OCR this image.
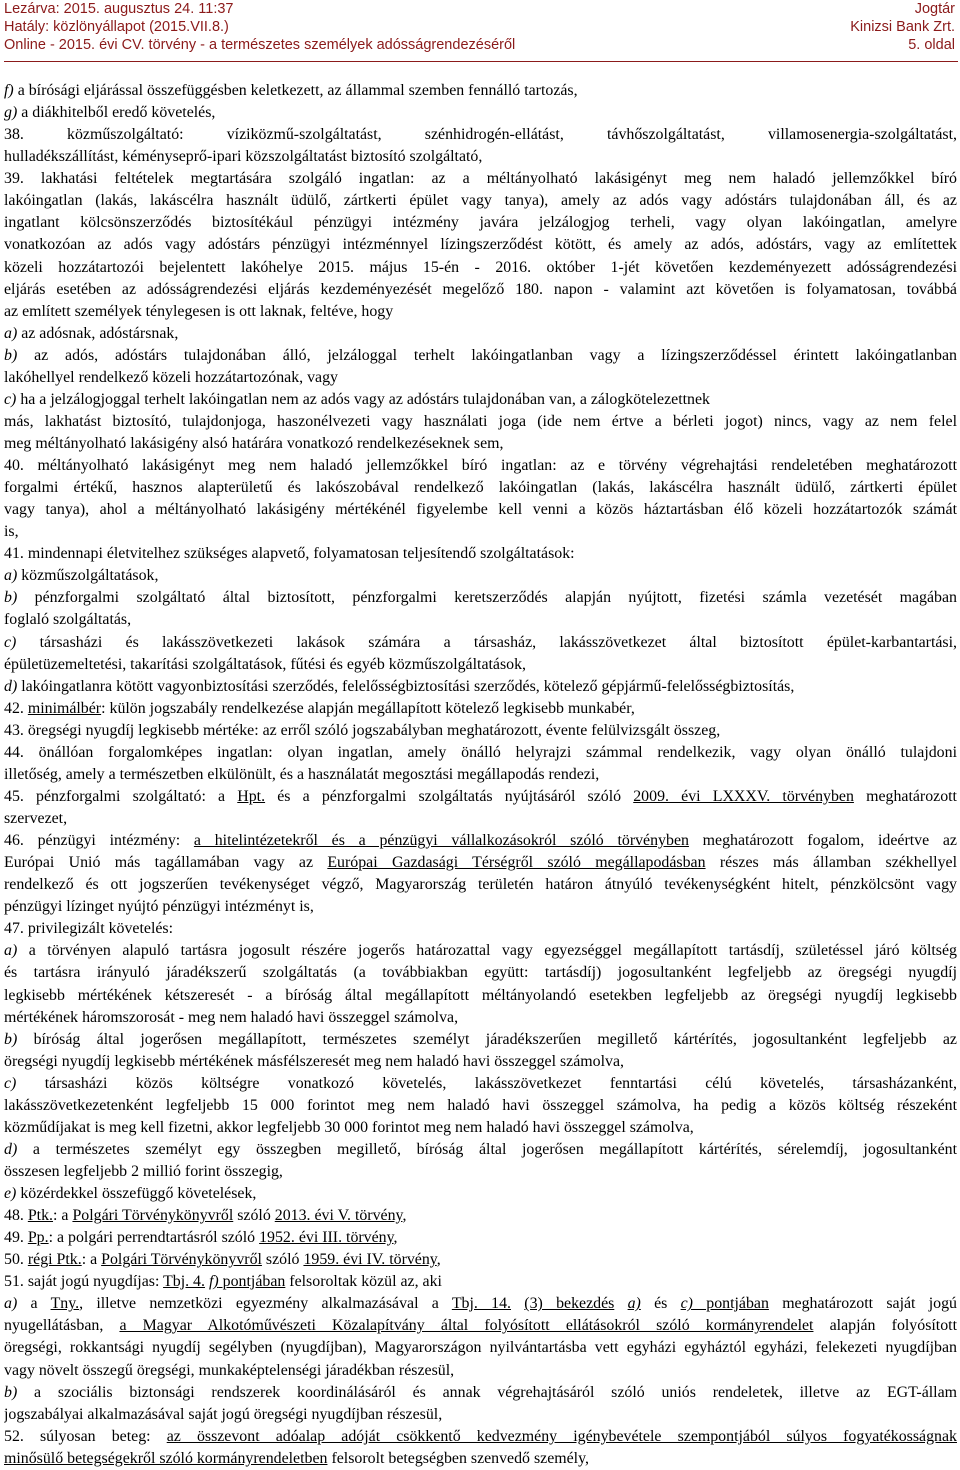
Lezárva: 2015. augusztus 24. 11:37
Hatály: közlönyállapot (2015.VII.8.)
Online - 2015. évi CV. törvény - a természetes személyek adósságrendezéséről
Jogtár
Kinizsi Bank Zrt.
5. oldal
f) a bírósági eljárással összefüggésben keletkezett, az állammal szemben fennálló tartozás,
g) a diákhitelből eredő követelés,
38. közműszolgáltató: víziközmű-szolgáltatást, szénhidrogén-ellátást, távhőszolgáltatást, villamosenergia-szolgáltatást,
hulladékszállítást, kéményseprő-ipari közszolgáltatást biztosító szolgáltató,
39. lakhatási feltételek megtartására szolgáló ingatlan: az a méltányolható lakásigényt meg nem haladó jellemzőkkel bíró
lakóingatlan (lakás, lakáscélra használt üdülő, zártkerti épület vagy tanya), amely az adós vagy adóstárs tulajdonában áll, és az
ingatlant kölcsönszerződés biztosítékául pénzügyi intézmény javára jelzálogjog terheli, vagy olyan lakóingatlan, amelyre
vonatkozóan az adós vagy adóstárs pénzügyi intézménnyel lízingszerződést kötött, és amely az adós, adóstárs, vagy az említettek
közeli hozzátartozói bejelentett lakóhelye 2015. május 15-én - 2016. október 1-jét követően kezdeményezett adósságrendezési
eljárás esetében az adósságrendezési eljárás kezdeményezését megelőző 180. napon - valamint azt követően is folyamatosan, továbbá
az említett személyek ténylegesen is ott laknak, feltéve, hogy
a) az adósnak, adóstársnak,
b) az adós, adóstárs tulajdonában álló, jelzáloggal terhelt lakóingatlanban vagy a lízingszerződéssel érintett lakóingatlanban
lakóhellyel rendelkező közeli hozzátartozónak, vagy
c) ha a jelzálogjoggal terhelt lakóingatlan nem az adós vagy az adóstárs tulajdonában van, a zálogkötelezettnek
más, lakhatást biztosító, tulajdonjoga, haszonélvezeti vagy használati joga (ide nem értve a bérleti jogot) nincs, vagy az nem felel
meg méltányolható lakásigény alsó határára vonatkozó rendelkezéseknek sem,
40. méltányolható lakásigényt meg nem haladó jellemzőkkel bíró ingatlan: az e törvény végrehajtási rendeletében meghatározott
forgalmi értékű, hasznos alapterületű és lakószobával rendelkező lakóingatlan (lakás, lakáscélra használt üdülő, zártkerti épület
vagy tanya), ahol a méltányolható lakásigény mértékénél figyelembe kell venni a közös háztartásban élő közeli hozzátartozók számát
is,
41. mindennapi életvitelhez szükséges alapvető, folyamatosan teljesítendő szolgáltatások:
a) közműszolgáltatások,
b) pénzforgalmi szolgáltató által biztosított, pénzforgalmi keretszerződés alapján nyújtott, fizetési számla vezetését magában
foglaló szolgáltatás,
c) társasházi és lakásszövetkezeti lakások számára a társasház, lakásszövetkezet által biztosított épület-karbantartási,
épületüzemeltetési, takarítási szolgáltatások, fűtési és egyéb közműszolgáltatások,
d) lakóingatlanra kötött vagyonbiztosítási szerződés, felelősségbiztosítási szerződés, kötelező gépjármű-felelősségbiztosítás,
42. minimálbér: külön jogszabály rendelkezése alapján megállapított kötelező legkisebb munkabér,
43. öregségi nyugdíj legkisebb mértéke: az erről szóló jogszabályban meghatározott, évente felülvizsgált összeg,
44. önállóan forgalomképes ingatlan: olyan ingatlan, amely önálló helyrajzi számmal rendelkezik, vagy olyan önálló tulajdoni
illetőség, amely a természetben elkülönült, és a használatát megosztási megállapodás rendezi,
45. pénzforgalmi szolgáltató: a Hpt. és a pénzforgalmi szolgáltatás nyújtásáról szóló 2009. évi LXXXV. törvényben meghatározott
szervezet,
46. pénzügyi intézmény: a hitelintézetekről és a pénzügyi vállalkozásokról szóló törvényben meghatározott fogalom, ideértve az
Európai Unió más tagállamában vagy az Európai Gazdasági Térségről szóló megállapodásban részes más államban székhellyel
rendelkező és ott jogszerűen tevékenységet végző, Magyarország területén határon átnyúló tevékenységként hitelt, pénzkölcsönt vagy
pénzügyi lízinget nyújtó pénzügyi intézményt is,
47. privilegizált követelés:
a) a törvényen alapuló tartásra jogosult részére jogerős határozattal vagy egyezséggel megállapított tartásdíj, születéssel járó költség
és tartásra irányuló járadékszerű szolgáltatás (a továbbiakban együtt: tartásdíj) jogosultanként legfeljebb az öregségi nyugdíj
legkisebb mértékének kétszeresét - a bíróság által megállapított méltányolandó esetekben legfeljebb az öregségi nyugdíj legkisebb
mértékének háromszorosát - meg nem haladó havi összeggel számolva,
b) bíróság által jogerősen megállapított, természetes személyt járadékszerűen megillető kártérítés, jogosultanként legfeljebb az
öregségi nyugdíj legkisebb mértékének másfélszeresét meg nem haladó havi összeggel számolva,
c) társasházi közös költségre vonatkozó követelés, lakásszövetkezet fenntartási célú követelés, társasházanként,
lakásszövetkezetenként legfeljebb 15 000 forintot meg nem haladó havi összeggel számolva, ha pedig a közös költség részeként
közműdíjakat is meg kell fizetni, akkor legfeljebb 30 000 forintot meg nem haladó havi összeggel számolva,
d) a természetes személyt egy összegben megillető, bíróság által jogerősen megállapított kártérítés, sérelemdíj, jogosultanként
összesen legfeljebb 2 millió forint összegig,
e) közérdekkel összefüggő követelések,
48. Ptk.: a Polgári Törvénykönyvről szóló 2013. évi V. törvény,
49. Pp.: a polgári perrendtartásról szóló 1952. évi III. törvény,
50. régi Ptk.: a Polgári Törvénykönyvről szóló 1959. évi IV. törvény,
51. saját jogú nyugdíjas: Tbj. 4. f) pontjában felsoroltak közül az, aki
a) a Tny., illetve nemzetközi egyezmény alkalmazásával a Tbj. 14. (3) bekezdés a) és c) pontjában meghatározott saját jogú
nyugellátásban, a Magyar Alkotóművészeti Közalapítvány által folyósított ellátásokról szóló kormányrendelet alapján folyósított
öregségi, rokkantsági nyugdíj segélyben (nyugdíjban), Magyarországon nyilvántartásba vett egyházi egyháztól egyházi, felekezeti nyugdíjban
vagy növelt összegű öregségi, munkaképtelenségi járadékban részesül,
b) a szociális biztonsági rendszerek koordinálásáról és annak végrehajtásáról szóló uniós rendeletek, illetve az EGT-állam
jogszabályai alkalmazásával saját jogú öregségi nyugdíjban részesül,
52. súlyosan beteg: az összevont adóalap adóját csökkentő kedvezmény igénybevétele szempontjából súlyos fogyatékosságnak
minősülő betegségekről szóló kormányrendeletben felsorolt betegségben szenvedő személy,
